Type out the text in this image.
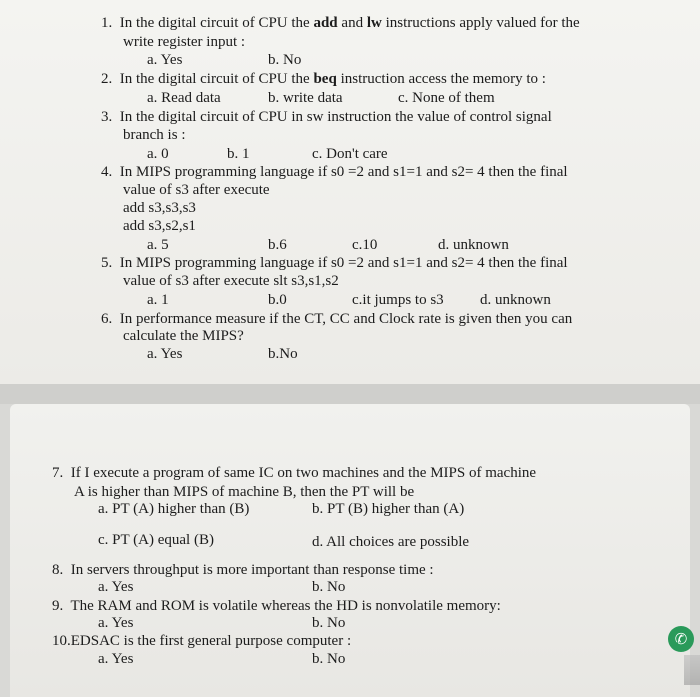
1. In the digital circuit of CPU the add and lw instructions apply valued for the
write register input :
a. Yes	b. No
2. In the digital circuit of CPU the beq instruction access the memory to :
a. Read data	b. write data	c. None of them
3. In the digital circuit of CPU in sw instruction the value of control signal
branch is :
a. 0	b. 1	c. Don't care
4. In MIPS programming language if s0 =2 and s1=1 and s2= 4 then the final
value of s3 after execute
add s3,s3,s3
add s3,s2,s1
a. 5	b.6	c.10	d. unknown
5. In MIPS programming language if s0 =2 and s1=1 and s2= 4 then the final
value of s3 after execute slt s3,s1,s2
a. 1	b.0	c.it jumps to s3 d. unknown
6. In performance measure if the CT, CC and Clock rate is given then you can
calculate the MIPS?
a. Yes	b.No
7. If I execute a program of same IC on two machines and the MIPS of machine
A is higher than MIPS of machine B, then the PT will be
a. PT (A) higher than (B)	b. PT (B) higher than (A)
c. PT (A) equal (B)	d. All choices are possible
8. In servers throughput is more important than response time :
a. Yes	b. No
9. The RAM and ROM is volatile whereas the HD is nonvolatile memory:
a. Yes	b. No
10.EDSAC is the first general purpose computer :
a. Yes	b. No
✆
